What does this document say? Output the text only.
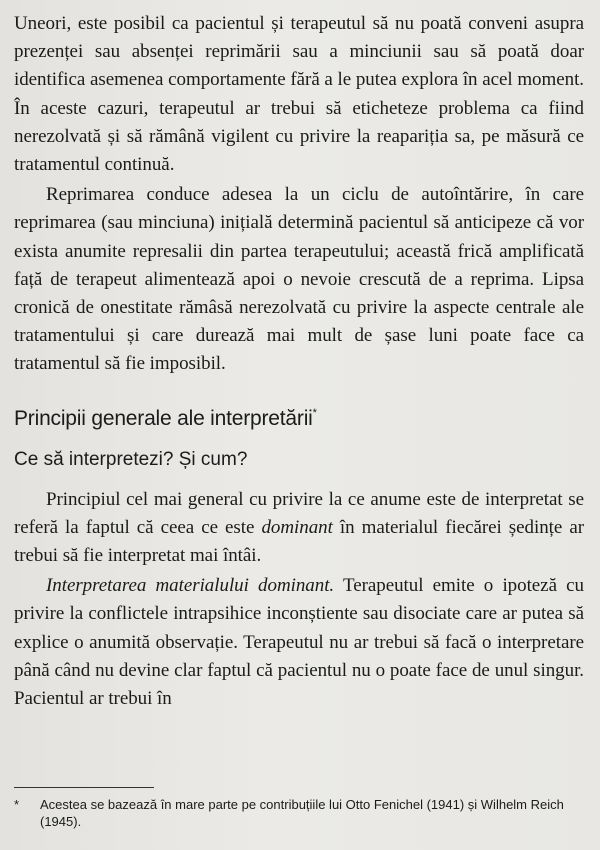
Uneori, este posibil ca pacientul și terapeutul să nu poată conveni asupra prezenței sau absenței reprimării sau a minciunii sau să poată doar identifica asemenea comportamente fără a le putea explora în acel moment. În aceste cazuri, terapeutul ar trebui să eticheteze problema ca fiind nerezolvată și să rămână vigilent cu privire la reapariția sa, pe măsură ce tratamentul continuă.

Reprimarea conduce adesea la un ciclu de autoîntărire, în care reprimarea (sau minciuna) inițială determină pacientul să anticipeze că vor exista anumite represalii din partea terapeutului; această frică amplificată față de terapeut alimentează apoi o nevoie crescută de a reprima. Lipsa cronică de onestitate rămâsă nerezolvată cu privire la aspecte centrale ale tratamentului și care durează mai mult de șase luni poate face ca tratamentul să fie imposibil.

Principii generale ale interpretării*
Ce să interpretezi? Și cum?

Principiul cel mai general cu privire la ce anume este de interpretat se referă la faptul că ceea ce este dominant în materialul fiecărei ședințe ar trebui să fie interpretat mai întâi.

Interpretarea materialului dominant. Terapeutul emite o ipoteză cu privire la conflictele intrapsihice inconștiente sau disociate care ar putea să explice o anumită observație. Terapeutul nu ar trebui să facă o interpretare până când nu devine clar faptul că pacientul nu o poate face de unul singur. Pacientul ar trebui în

* Acestea se bazează în mare parte pe contribuțiile lui Otto Fenichel (1941) și Wilhelm Reich (1945).
